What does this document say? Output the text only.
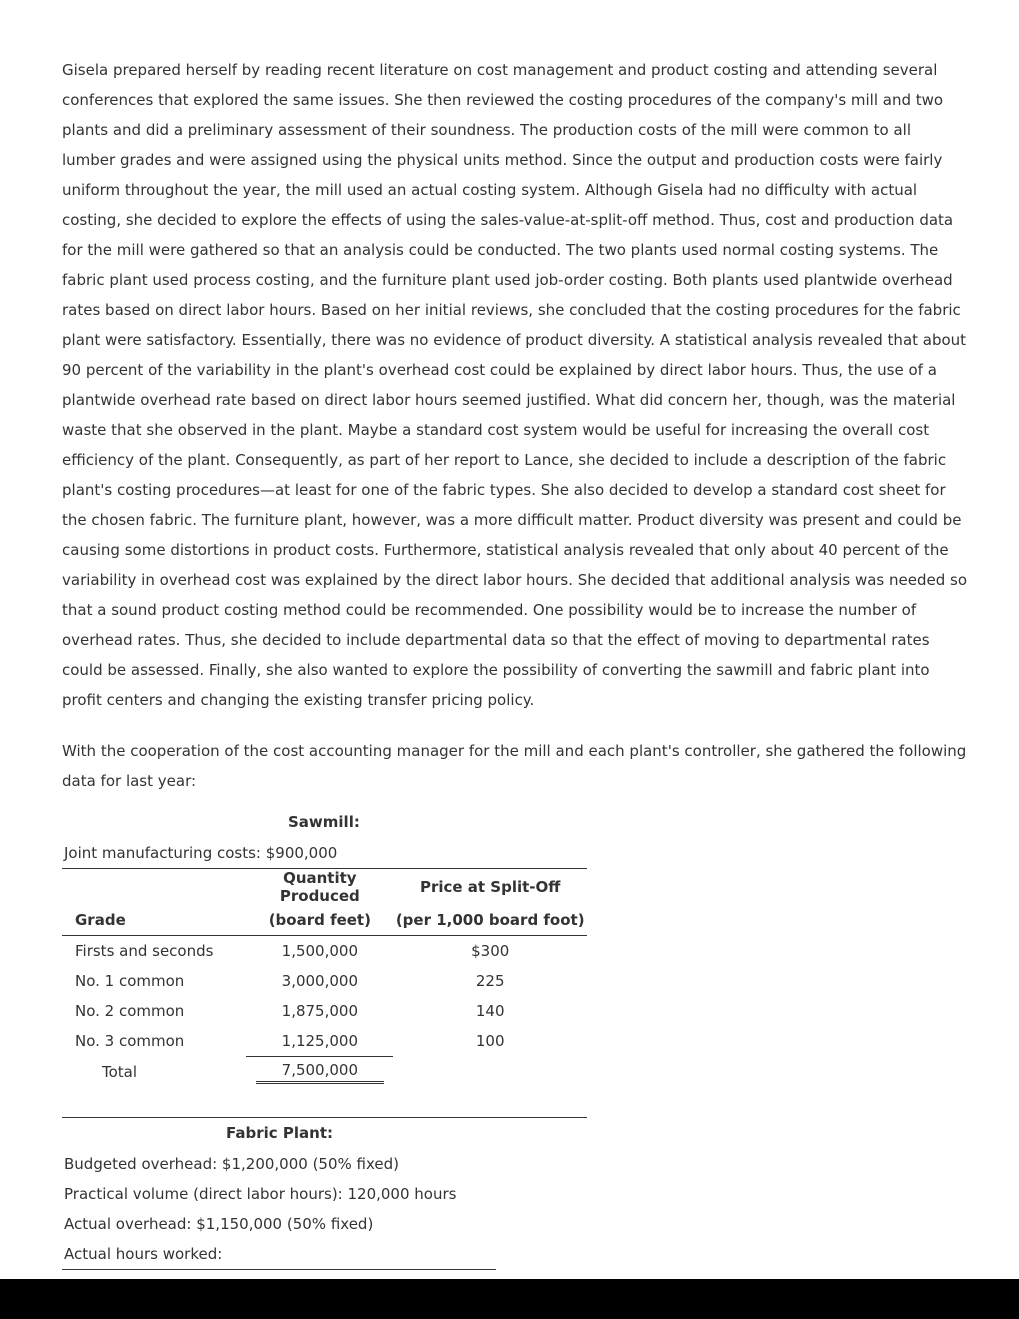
Gisela prepared herself by reading recent literature on cost management and product costing and attending several conferences that explored the same issues. She then reviewed the costing procedures of the company's mill and two plants and did a preliminary assessment of their soundness. The production costs of the mill were common to all lumber grades and were assigned using the physical units method. Since the output and production costs were fairly uniform throughout the year, the mill used an actual costing system. Although Gisela had no difficulty with actual costing, she decided to explore the effects of using the sales-value-at-split-off method. Thus, cost and production data for the mill were gathered so that an analysis could be conducted. The two plants used normal costing systems. The fabric plant used process costing, and the furniture plant used job-order costing. Both plants used plantwide overhead rates based on direct labor hours. Based on her initial reviews, she concluded that the costing procedures for the fabric plant were satisfactory. Essentially, there was no evidence of product diversity. A statistical analysis revealed that about 90 percent of the variability in the plant's overhead cost could be explained by direct labor hours. Thus, the use of a plantwide overhead rate based on direct labor hours seemed justified. What did concern her, though, was the material waste that she observed in the plant. Maybe a standard cost system would be useful for increasing the overall cost efficiency of the plant. Consequently, as part of her report to Lance, she decided to include a description of the fabric plant's costing procedures—at least for one of the fabric types. She also decided to develop a standard cost sheet for the chosen fabric. The furniture plant, however, was a more difficult matter. Product diversity was present and could be causing some distortions in product costs. Furthermore, statistical analysis revealed that only about 40 percent of the variability in overhead cost was explained by the direct labor hours. She decided that additional analysis was needed so that a sound product costing method could be recommended. One possibility would be to increase the number of overhead rates. Thus, she decided to include departmental data so that the effect of moving to departmental rates could be assessed. Finally, she also wanted to explore the possibility of converting the sawmill and fabric plant into profit centers and changing the existing transfer pricing policy.

With the cooperation of the cost accounting manager for the mill and each plant's controller, she gathered the following data for last year:

Sawmill:
Joint manufacturing costs: $900,000
	Quantity Produced	Price at Split-Off
Grade	(board feet)	(per 1,000 board foot)
Firsts and seconds	1,500,000	$300
No. 1 common	3,000,000	225
No. 2 common	1,875,000	140
No. 3 common	1,125,000	100
Total	7,500,000	
Fabric Plant:
Budgeted overhead: $1,200,000 (50% fixed)
Practical volume (direct labor hours): 120,000 hours
Actual overhead: $1,150,000 (50% fixed)
Actual hours worked:
